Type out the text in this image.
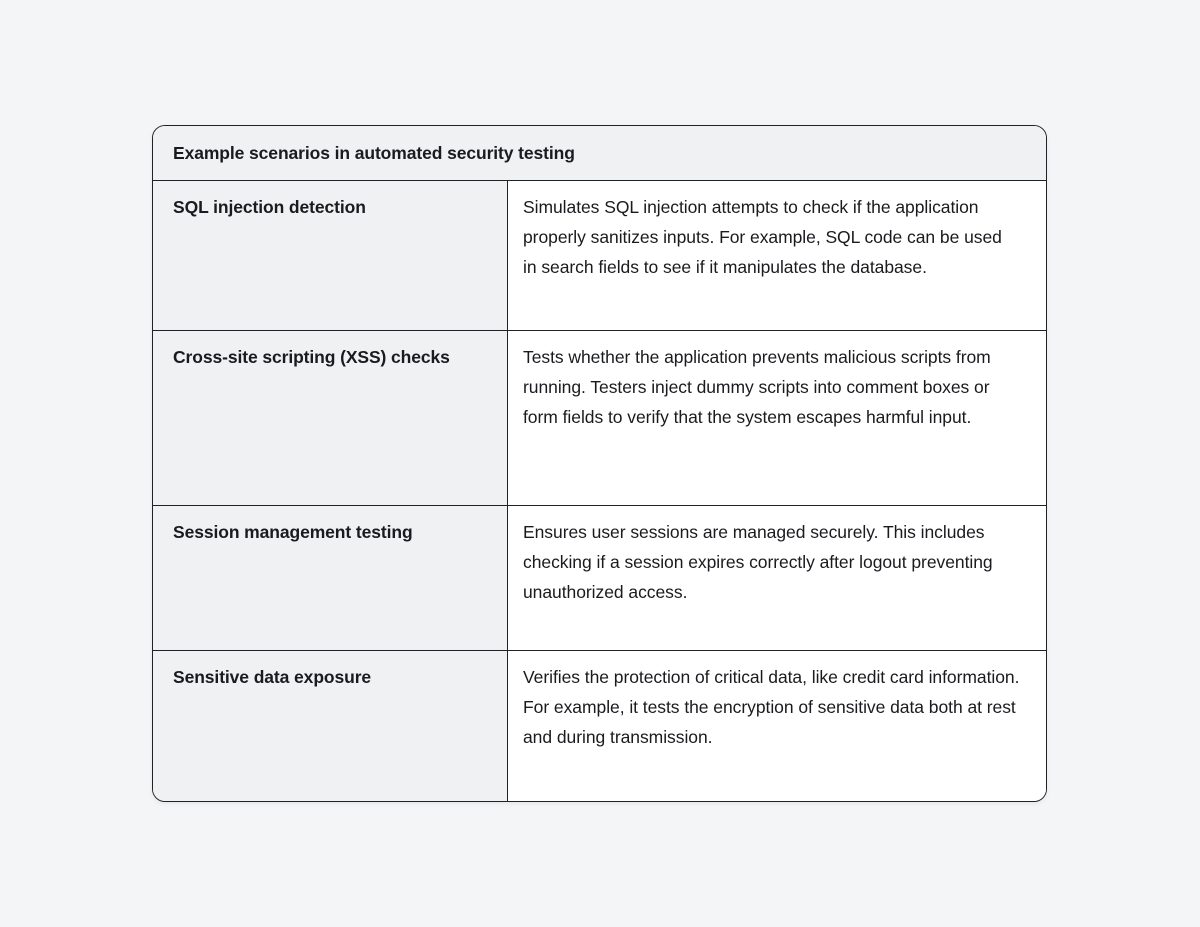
Example scenarios in automated security testing
SQL injection detection	Simulates SQL injection attempts to check if the application properly sanitizes inputs. For example, SQL code can be used in search fields to see if it manipulates the database.
Cross-site scripting (XSS) checks	Tests whether the application prevents malicious scripts from running. Testers inject dummy scripts into comment boxes or form fields to verify that the system escapes harmful input.
Session management testing	Ensures user sessions are managed securely. This includes checking if a session expires correctly after logout preventing unauthorized access.
Sensitive data exposure	Verifies the protection of critical data, like credit card information. For example, it tests the encryption of sensitive data both at rest and during transmission.
